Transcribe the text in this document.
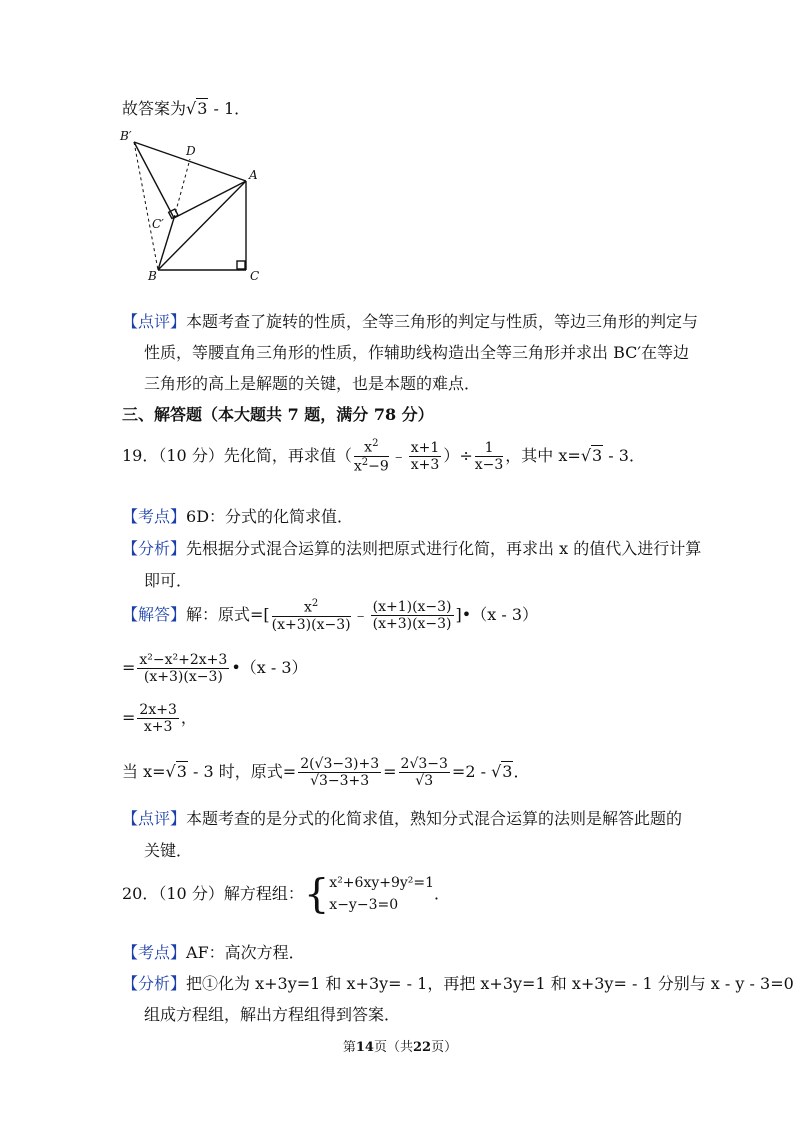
故答案为√3 - 1．
B′
D
A
C′
B	C
【点评】本题考查了旋转的性质，全等三角形的判定与性质，等边三角形的判定与
性质，等腰直角三角形的性质，作辅助线构造出全等三角形并求出 BC′在等边
三角形的高上是解题的关键，也是本题的难点．
三、解答题（本大题共 7 题，满分 78 分）
19．（10 分）先化简，再求值（ $\frac{x^2}{x^2-9}$ ﹣ $\frac{x+1}{x+3}$ ）÷ $\frac{1}{x-3}$ ，其中 x=√3 - 3．
【考点】6D：分式的化简求值．
【分析】先根据分式混合运算的法则把原式进行化简，再求出 x 的值代入进行计算
即可．
【解答】解：原式=[ $\frac{x^2}{(x+3)(x-3)}$ ﹣ $\frac{(x+1)(x-3)}{(x+3)(x-3)}$ ]•（x - 3）
= $\frac{\text{x²−x²+2x+3}}{(x+3)(x-3)}$ •（x - 3）
= $\frac{2x+3}{x+3}$ ，
当 x=√3 - 3 时，原式= $\frac{2(√3-3)+3}{√3-3+3} = \frac{2√3-3}{√3} =2 - √3$．
【点评】本题考查的是分式的化简求值，熟知分式混合运算的法则是解答此题的
关键．
20．（10 分）解方程组：{ x²+6xy+9y²=1
x−y−3=0
．
【考点】AF：高次方程．
【分析】把①化为 x+3y=1 和 x+3y= - 1，再把 x+3y=1 和 x+3y= - 1 分别与 x - y - 3=0
组成方程组，解出方程组得到答案．
第14页（共22页）
